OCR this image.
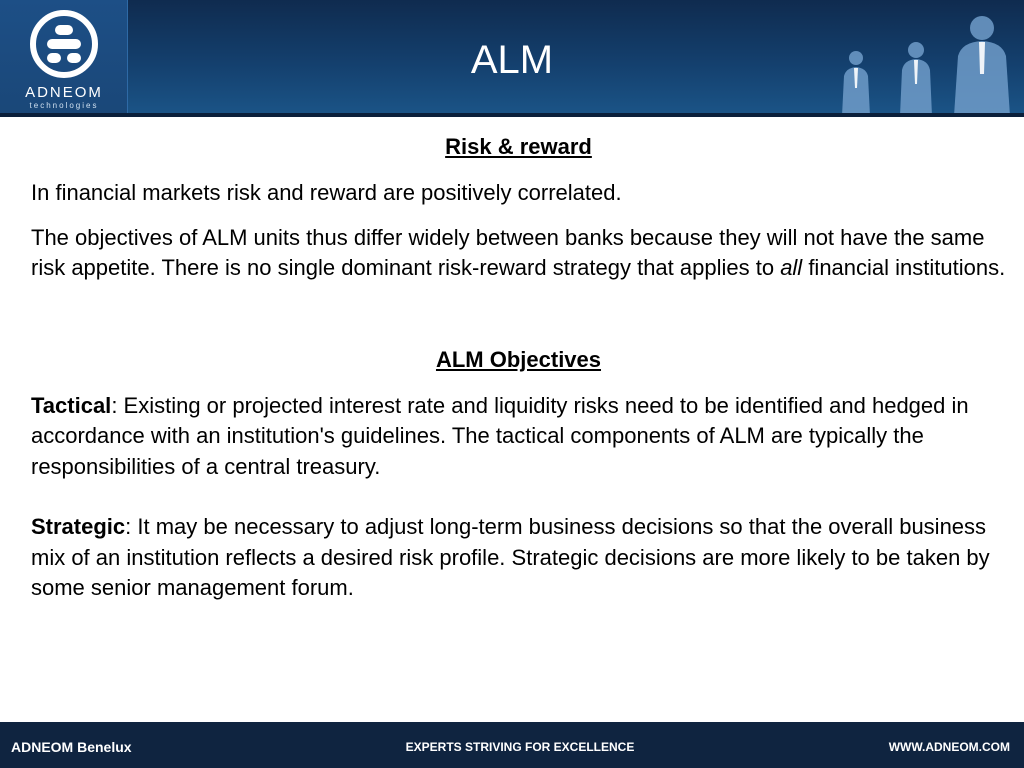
ADNEOM
technologies
ALM
Risk & reward

In financial markets risk and reward are positively correlated.

The objectives of ALM units thus differ widely between banks because they will not have the same risk appetite. There is no single dominant risk-reward strategy that applies to all financial institutions.

ALM Objectives

Tactical: Existing or projected interest rate and liquidity risks need to be identified and hedged in accordance with an institution's guidelines. The tactical components of ALM are typically the responsibilities of a central treasury.

Strategic: It may be necessary to adjust long-term business decisions so that the overall business mix of an institution reflects a desired risk profile. Strategic decisions are more likely to be taken by some senior management forum.

ADNEOM Benelux	EXPERTS STRIVING FOR EXCELLENCE	WWW.ADNEOM.COM
